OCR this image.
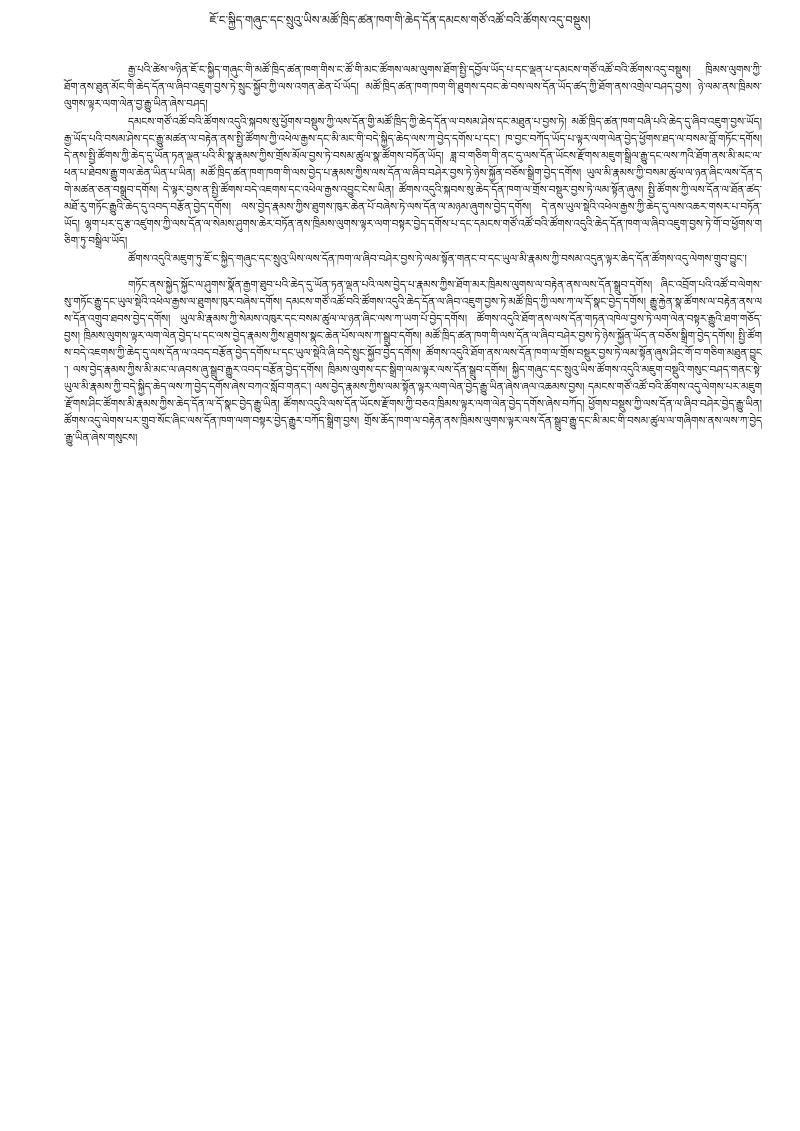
ཇོ་ང་སྐྱིད་གཞུང་དང་སྲུའུ་ཡིས་མཚོ་ཁྲིད་ཚན་ཁག་གི་ཆེད་དོན་དམངས་གཙོ་འཚོ་བའི་ཚོགས་འདུ་བསྡུས།

རྒྱ་པའི་ཚེས་༧ཉིན་ཇོ་ང་སྐྱིད་གཞུང་གི་མཚོ་ཁྲིད་ཚན་ཁག་གིས་ང་ཚོ་གི་མང་ཚོགས་ལམ་ལུགས་ཐོག་སྤྱི་དབྱོལ་ཡོད་པ་དང་ལྡན་པ་དམངས་གཙོ་འཚོ་བའི་ཚོགས་འདུ་བསྡུས། ཁྲིམས་ལུགས་ཀྱི་ཐོག་ནས་ཐུན་མོང་གི་ཆེད་དོན་ལ་ཞིབ་འཇུག་བྱས་ཏེ་སྲུང་སྐྱོབ་ཀྱི་ལས་འགན་ཆེན་པོ་ཡོད། མཚོ་ཁྲིད་ཚན་ཁག་ཁག་གི་ཐུགས་དབང་ཆེ་བས་ལས་དོན་ཡོད་ཚད་ཀྱི་ཐོག་ནས་འགྲེལ་བཤད་བྱས། ཉེ་ལམ་ནས་ཁྲིམས་ལུགས་ལྟར་ལག་ལེན་བྱ་རྒྱུ་ཡིན་ཞེས་བཤད།

དམངས་གཙོ་འཚོ་བའི་ཚོགས་འདུའི་སྐབས་སུ་ཕྱོགས་བསྡུས་ཀྱི་ལས་དོན་གྱི་མཚོ་ཁྲིད་ཀྱི་ཆེད་དོན་ལ་བསམ་ཤེས་དང་མཐུན་པ་བྱས་ཏེ། མཚོ་ཁྲིད་ཚན་ཁག་བཞི་པའི་ཆེད་དུ་ཞིབ་འཇུག་བྱས་ཡོད། རྒྱ་ཡོད་པའི་བསམ་ཤེས་དང་རྒྱུ་མཚན་ལ་བརྟེན་ནས་སྤྱི་ཚོགས་ཀྱི་འཕེལ་རྒྱས་དང་མི་མང་གི་བདེ་སྐྱིད་ཆེད་ལས་ཀ་བྱེད་དགོས་པ་དང་། ཁ་བྱང་བཀོད་ཡོད་པ་ལྟར་ལག་ལེན་བྱེད་ཕྱོགས་ཐད་ལ་བསམ་བློ་གཏོང་དགོས། དེ་ནས་སྤྱི་ཚོགས་ཀྱི་ཆེད་དུ་ཡོན་ཏན་ལྡན་པའི་མི་སྣ་རྣམས་ཀྱིས་གྲོས་མོལ་བྱས་ཏེ་བསམ་ཚུལ་སྣ་ཚོགས་བཏོན་ཡོད། ཟླ་བ་གཅིག་གི་ནང་དུ་ལས་དོན་ཡོངས་རྫོགས་མཇུག་སྒྲིལ་རྒྱུ་དང་ལས་ཀའི་ཐོག་ནས་མི་མང་ལ་ཕན་པ་ཐེབས་རྒྱུ་གལ་ཆེན་ཡིན་པ་ཡིན། མཚོ་ཁྲིད་ཚན་ཁག་ཁག་གི་ལས་བྱེད་པ་རྣམས་ཀྱིས་ལས་དོན་ལ་ཞིབ་བཤེར་བྱས་ཏེ་ཉེས་སྐྱོན་བཅོས་སྒྲིག་བྱེད་དགོས། ཡུལ་མི་རྣམས་ཀྱི་བསམ་ཚུལ་ལ་ཉན་ཞིང་ལས་དོན་དགེ་མཚན་ཅན་བསྒྲུབ་དགོས། དེ་ལྟར་བྱས་ན་སྤྱི་ཚོགས་བདེ་འཇགས་དང་འཕེལ་རྒྱས་འབྱུང་ངེས་ཡིན། ཚོགས་འདུའི་སྐབས་སུ་ཆེད་དོན་ཁག་ལ་གྲོས་བསྡུར་བྱས་ཏེ་ལམ་སྟོན་ཞུས། སྤྱི་ཚོགས་ཀྱི་ལས་དོན་ལ་ཐོན་ཚད་མཐོ་རུ་གཏོང་རྒྱུའི་ཆེད་དུ་འབད་བརྩོན་བྱེད་དགོས། ལས་བྱེད་རྣམས་ཀྱིས་ཐུགས་ཁུར་ཆེན་པོ་བཞེས་ཏེ་ལས་དོན་ལ་མཉམ་ཞུགས་བྱེད་དགོས། དེ་ནས་ཡུལ་སྡེའི་འཕེལ་རྒྱས་ཀྱི་ཆེད་དུ་ལས་འཆར་གསར་པ་བཏོན་ཡོད། ལྷག་པར་དུ་རྩ་འཛུགས་ཀྱི་ལས་དོན་ལ་སེམས་ཤུགས་ཆེར་བཏོན་ནས་ཁྲིམས་ལུགས་ལྟར་ལག་བསྟར་བྱེད་དགོས་པ་དང་དམངས་གཙོ་འཚོ་བའི་ཚོགས་འདུའི་ཆེད་དོན་ཁག་ལ་ཞིབ་འཇུག་བྱས་ཏེ་གོ་བ་ཕྱོགས་གཅིག་ཏུ་བསྒྲིལ་ཡོད།

ཚོགས་འདུའི་མཇུག་ཏུ་ཇོ་ང་སྐྱིད་གཞུང་དང་སྲུའུ་ཡིས་ལས་དོན་ཁག་ལ་ཞིབ་བཤེར་བྱས་ཏེ་ལམ་སྟོན་གནང་བ་དང་ཡུལ་མི་རྣམས་ཀྱི་བསམ་འདུན་ལྟར་ཆེད་དོན་ཚོགས་འདུ་ལེགས་གྲུབ་བྱུང་།

གཏོང་ནས་སྐྱེད་སྐྱོང་ལ་ཤུགས་སྣོན་རྒྱག་ཐུབ་པའི་ཆེད་དུ་ཡོན་ཏན་ལྡན་པའི་ལས་བྱེད་པ་རྣམས་ཀྱིས་ཐོག་མར་ཁྲིམས་ལུགས་ལ་བརྟེན་ནས་ལས་དོན་སྒྲུབ་དགོས། ཞིང་འབྲོག་པའི་འཚོ་བ་ལེགས་སུ་གཏོང་རྒྱུ་དང་ཡུལ་སྡེའི་འཕེལ་རྒྱས་ལ་ཐུགས་ཁུར་བཞེས་དགོས། དམངས་གཙོ་འཚོ་བའི་ཚོགས་འདུའི་ཆེད་དོན་ལ་ཞིབ་འཇུག་བྱས་ཏེ་མཚོ་ཁྲིད་ཀྱི་ལས་ཀ་ལ་དོ་སྣང་བྱེད་དགོས། རྒྱུ་རྐྱེན་སྣ་ཚོགས་ལ་བརྟེན་ནས་ལས་དོན་འགྲུབ་ཐབས་བྱེད་དགོས། ཡུལ་མི་རྣམས་ཀྱི་སེམས་འཁུར་དང་བསམ་ཚུལ་ལ་ཉན་ཞིང་ལས་ཀ་ཡག་པོ་བྱེད་དགོས། ཚོགས་འདུའི་ཐོག་ནས་ལས་དོན་གཏན་འཁེལ་བྱས་ཏེ་ལག་ལེན་བསྟར་རྒྱུའི་ཐག་གཅོད་བྱས། ཁྲིམས་ལུགས་ལྟར་ལག་ལེན་བྱེད་པ་དང་ལས་བྱེད་རྣམས་ཀྱིས་ཐུགས་སྣང་ཆེན་པོས་ལས་ཀ་སྒྲུབ་དགོས། མཚོ་ཁྲིད་ཚན་ཁག་གི་ལས་དོན་ལ་ཞིབ་བཤེར་བྱས་ཏེ་ཉེས་སྐྱོན་ཡོད་ན་བཅོས་སྒྲིག་བྱེད་དགོས། སྤྱི་ཚོགས་བདེ་འཇགས་ཀྱི་ཆེད་དུ་ལས་དོན་ལ་འབད་བརྩོན་བྱེད་དགོས་པ་དང་ཡུལ་སྡེའི་ཞི་བདེ་སྲུང་སྐྱོབ་བྱེད་དགོས། ཚོགས་འདུའི་ཐོག་ནས་ལས་དོན་ཁག་ལ་གྲོས་བསྡུར་བྱས་ཏེ་ལམ་སྟོན་ཞུས་ཤིང་གོ་བ་གཅིག་མཐུན་བྱུང་། ལས་བྱེད་རྣམས་ཀྱིས་མི་མང་ལ་ཞབས་ཞུ་སྒྲུབ་རྒྱུར་འབད་བརྩོན་བྱེད་དགོས། ཁྲིམས་ལུགས་དང་སྒྲིག་ལམ་ལྟར་ལས་དོན་སྒྲུབ་དགོས། སྐྱིད་གཞུང་དང་སྲུའུ་ཡིས་ཚོགས་འདུའི་མཇུག་བསྡུའི་གསུང་བཤད་གནང་སྟེ་ཡུལ་མི་རྣམས་ཀྱི་བདེ་སྐྱིད་ཆེད་ལས་ཀ་བྱེད་དགོས་ཞེས་བཀའ་སློབ་གནང་། ལས་བྱེད་རྣམས་ཀྱིས་ལམ་སྟོན་ལྟར་ལག་ལེན་བྱེད་རྒྱུ་ཡིན་ཞེས་ཞལ་འཆམས་བྱས། དམངས་གཙོ་འཚོ་བའི་ཚོགས་འདུ་ལེགས་པར་མཇུག་རྫོགས་ཤིང་ཚོགས་མི་རྣམས་ཀྱིས་ཆེད་དོན་ལ་དོ་སྣང་བྱེད་རྒྱུ་ཡིན། ཚོགས་འདུའི་ལས་དོན་ཡོངས་རྫོགས་ཀྱི་བཅའ་ཁྲིམས་ལྟར་ལག་ལེན་བྱེད་དགོས་ཞེས་བཀོད། ཕྱོགས་བསྡུས་ཀྱི་ལས་དོན་ལ་ཞིབ་བཤེར་བྱེད་རྒྱུ་ཡིན། ཚོགས་འདུ་ལེགས་པར་གྲུབ་སོང་ཞིང་ལས་དོན་ཁག་ལག་བསྟར་བྱེད་རྒྱུར་བཀོད་སྒྲིག་བྱས། གྲོས་ཆོད་ཁག་ལ་བརྟེན་ནས་ཁྲིམས་ལུགས་ལྟར་ལས་དོན་སྒྲུབ་རྒྱུ་དང་མི་མང་གི་བསམ་ཚུལ་ལ་གཞིགས་ནས་ལས་ཀ་བྱེད་རྒྱུ་ཡིན་ཞེས་གསུངས།
